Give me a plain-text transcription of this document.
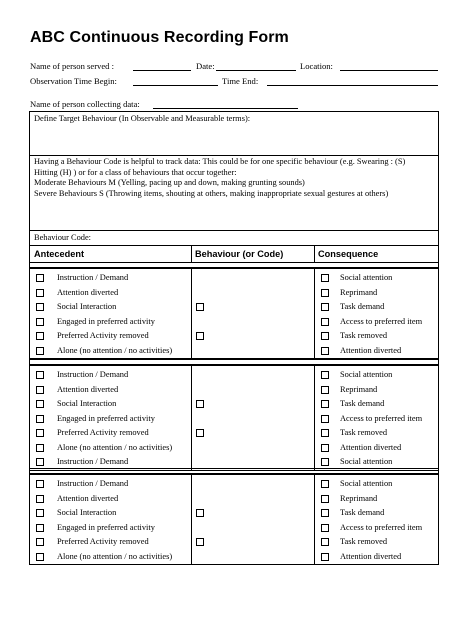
ABC Continuous Recording Form
Name of person served :	Date:	Location:
Observation Time Begin:	Time End:
Name of person collecting data:
Define Target Behaviour (In Observable and Measurable terms):
Having a Behaviour Code is helpful to track data: This could be for one specific behaviour (e.g. Swearing : (S)
Hitting (H) ) or for a class of behaviours that occur together:
Moderate Behaviours M (Yelling, pacing up and down, making grunting sounds)
Severe Behaviours S (Throwing items, shouting at others, making inappropriate sexual gestures at others)
Behaviour Code:
Antecedent	Behaviour (or Code)	Consequence
Instruction / Demand	Social attention
Attention diverted	Reprimand
Social Interaction	Task demand
Engaged in preferred activity	Access to preferred item
Preferred Activity removed	Task removed
Alone (no attention / no activities)	Attention diverted
Instruction / Demand	Social attention
Attention diverted	Reprimand
Social Interaction	Task demand
Engaged in preferred activity	Access to preferred item
Preferred Activity removed	Task removed
Alone (no attention / no activities)	Attention diverted
Instruction / Demand	Social attention
Instruction / Demand	Social attention
Attention diverted	Reprimand
Social Interaction	Task demand
Engaged in preferred activity	Access to preferred item
Preferred Activity removed	Task removed
Alone (no attention / no activities)	Attention diverted
